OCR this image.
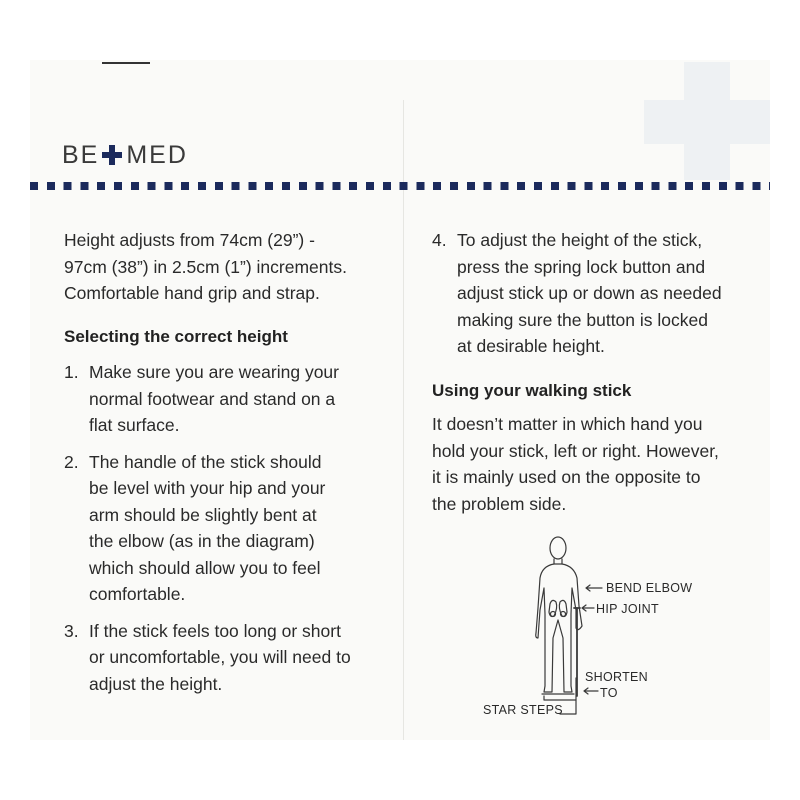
BE MED

Height adjusts from 74cm (29”) -
97cm (38”) in 2.5cm (1”) increments.
Comfortable hand grip and strap.

Selecting the correct height
1. Make sure you are wearing your
normal footwear and stand on a
flat surface.
2. The handle of the stick should
be level with your hip and your
arm should be slightly bent at
the elbow (as in the diagram)
which should allow you to feel
comfortable.
3. If the stick feels too long or short
or uncomfortable, you will need to
adjust the height.
4. To adjust the height of the stick,
press the spring lock button and
adjust stick up or down as needed
making sure the button is locked
at desirable height.
Using your walking stick

It doesn’t matter in which hand you
hold your stick, left or right. However,
it is mainly used on the opposite to
the problem side.

BEND ELBOW
HIP JOINT
SHORTEN
TO
STAR STEPS
